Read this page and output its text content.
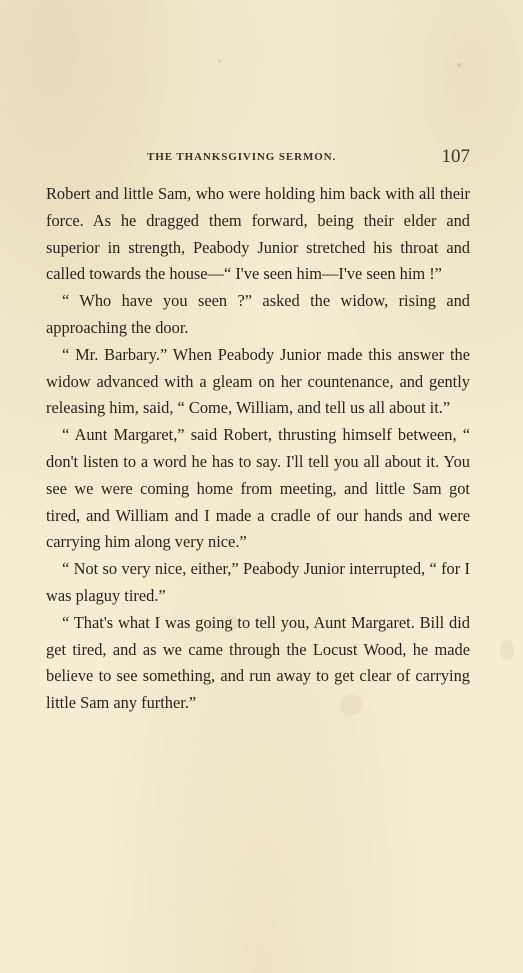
THE THANKSGIVING SERMON.	107

Robert and little Sam, who were holding him back with all their force. As he dragged them forward, being their elder and superior in strength, Peabody Junior stretched his throat and called towards the house—“ I've seen him—I've seen him !”

“ Who have you seen ?” asked the widow, rising and approaching the door.

“ Mr. Barbary.” When Peabody Junior made this answer the widow advanced with a gleam on her countenance, and gently releasing him, said, “ Come, William, and tell us all about it.”

“ Aunt Margaret,” said Robert, thrusting himself between, “ don't listen to a word he has to say. I'll tell you all about it. You see we were coming home from meeting, and little Sam got tired, and William and I made a cradle of our hands and were carrying him along very nice.”

“ Not so very nice, either,” Peabody Junior interrupted, “ for I was plaguy tired.”

“ That's what I was going to tell you, Aunt Margaret. Bill did get tired, and as we came through the Locust Wood, he made believe to see something, and run away to get clear of carrying little Sam any further.”
